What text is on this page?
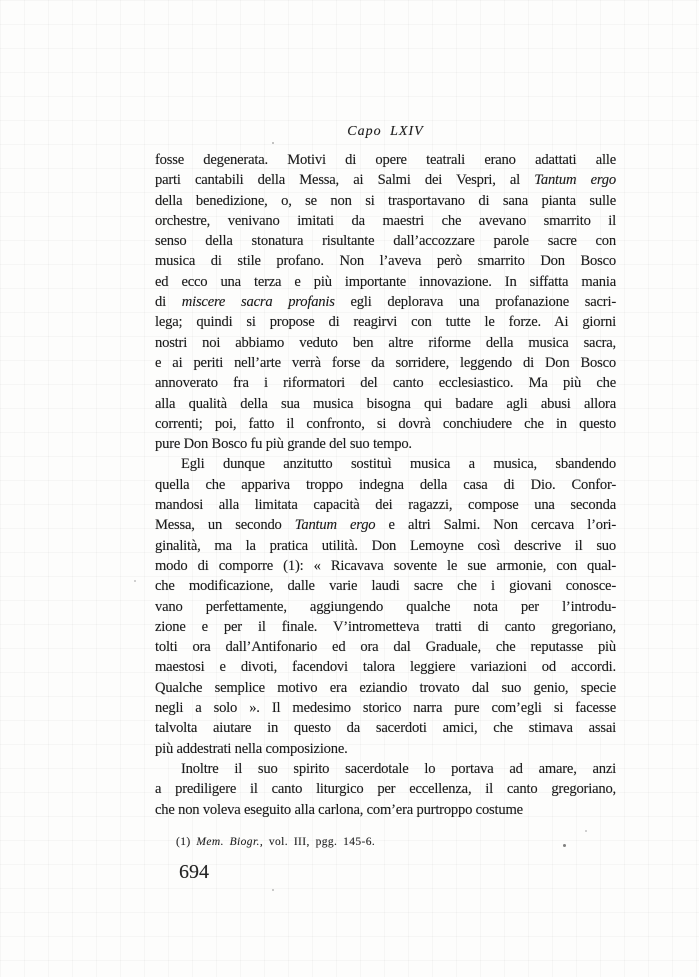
Capo LXIV
fosse degenerata. Motivi di opere teatrali erano adattati alle
parti cantabili della Messa, ai Salmi dei Vespri, al Tantum ergo
della benedizione, o, se non si trasportavano di sana pianta sulle
orchestre, venivano imitati da maestri che avevano smarrito il
senso della stonatura risultante dall’accozzare parole sacre con
musica di stile profano. Non l’aveva però smarrito Don Bosco
ed ecco una terza e più importante innovazione. In siffatta mania
di miscere sacra profanis egli deplorava una profanazione sacri-
lega; quindi si propose di reagirvi con tutte le forze. Ai giorni
nostri noi abbiamo veduto ben altre riforme della musica sacra,
e ai periti nell’arte verrà forse da sorridere, leggendo di Don Bosco
annoverato fra i riformatori del canto ecclesiastico. Ma più che
alla qualità della sua musica bisogna qui badare agli abusi allora
correnti; poi, fatto il confronto, si dovrà conchiudere che in questo
pure Don Bosco fu più grande del suo tempo.
Egli dunque anzitutto sostituì musica a musica, sbandendo
quella che appariva troppo indegna della casa di Dio. Confor-
mandosi alla limitata capacità dei ragazzi, compose una seconda
Messa, un secondo Tantum ergo e altri Salmi. Non cercava l’ori-
ginalità, ma la pratica utilità. Don Lemoyne così descrive il suo
modo di comporre (1): « Ricavava sovente le sue armonie, con qual-
che modificazione, dalle varie laudi sacre che i giovani conosce-
vano perfettamente, aggiungendo qualche nota per l’introdu-
zione e per il finale. V’intrometteva tratti di canto gregoriano,
tolti ora dall’Antifonario ed ora dal Graduale, che reputasse più
maestosi e divoti, facendovi talora leggiere variazioni od accordi.
Qualche semplice motivo era eziandio trovato dal suo genio, specie
negli a solo ». Il medesimo storico narra pure com’egli si facesse
talvolta aiutare in questo da sacerdoti amici, che stimava assai
più addestrati nella composizione.
Inoltre il suo spirito sacerdotale lo portava ad amare, anzi
a prediligere il canto liturgico per eccellenza, il canto gregoriano,
che non voleva eseguito alla carlona, com’era purtroppo costume
(1) Mem. Biogr., vol. III, pgg. 145-6.
694
